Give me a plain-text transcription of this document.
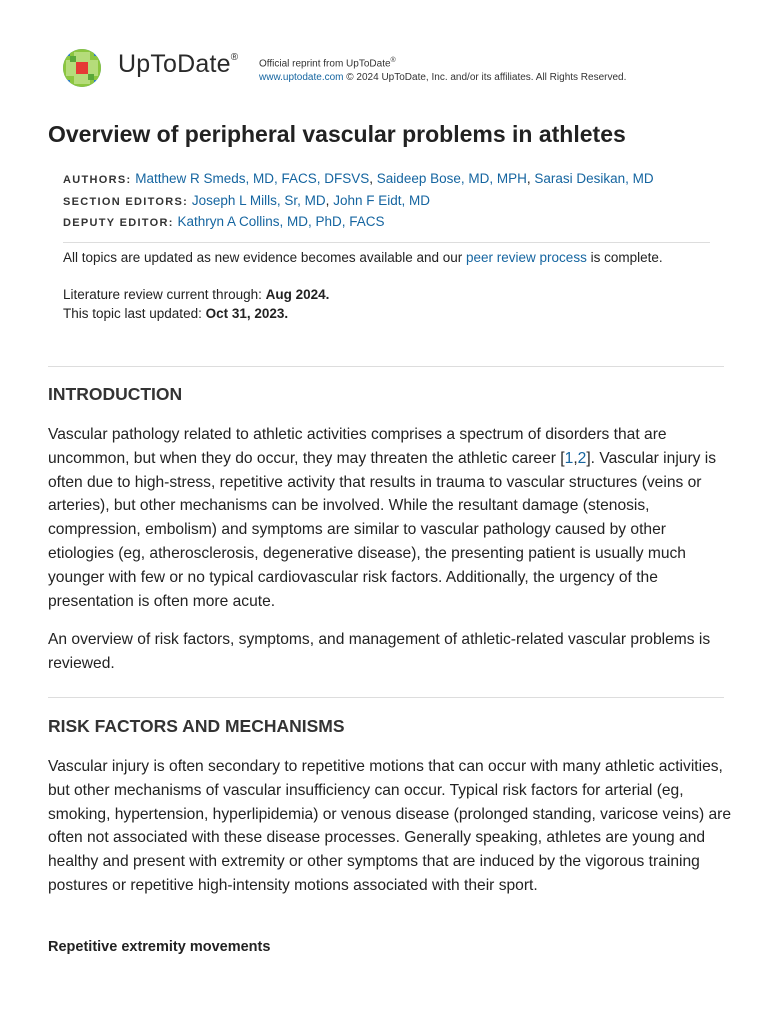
UpToDate®
Official reprint from UpToDate®
www.uptodate.com © 2024 UpToDate, Inc. and/or its affiliates. All Rights Reserved.
Overview of peripheral vascular problems in athletes
AUTHORS: Matthew R Smeds, MD, FACS, DFSVS, Saideep Bose, MD, MPH, Sarasi Desikan, MD
SECTION EDITORS: Joseph L Mills, Sr, MD, John F Eidt, MD
DEPUTY EDITOR: Kathryn A Collins, MD, PhD, FACS
All topics are updated as new evidence becomes available and our peer review process is complete.
Literature review current through: Aug 2024.
This topic last updated: Oct 31, 2023.
INTRODUCTION
Vascular pathology related to athletic activities comprises a spectrum of disorders that are uncommon, but when they do occur, they may threaten the athletic career [1,2]. Vascular injury is often due to high-stress, repetitive activity that results in trauma to vascular structures (veins or arteries), but other mechanisms can be involved. While the resultant damage (stenosis, compression, embolism) and symptoms are similar to vascular pathology caused by other etiologies (eg, atherosclerosis, degenerative disease), the presenting patient is usually much younger with few or no typical cardiovascular risk factors. Additionally, the urgency of the presentation is often more acute.
An overview of risk factors, symptoms, and management of athletic-related vascular problems is reviewed.
RISK FACTORS AND MECHANISMS
Vascular injury is often secondary to repetitive motions that can occur with many athletic activities, but other mechanisms of vascular insufficiency can occur. Typical risk factors for arterial (eg, smoking, hypertension, hyperlipidemia) or venous disease (prolonged standing, varicose veins) are often not associated with these disease processes. Generally speaking, athletes are young and healthy and present with extremity or other symptoms that are induced by the vigorous training postures or repetitive high-intensity motions associated with their sport.
Repetitive extremity movements
